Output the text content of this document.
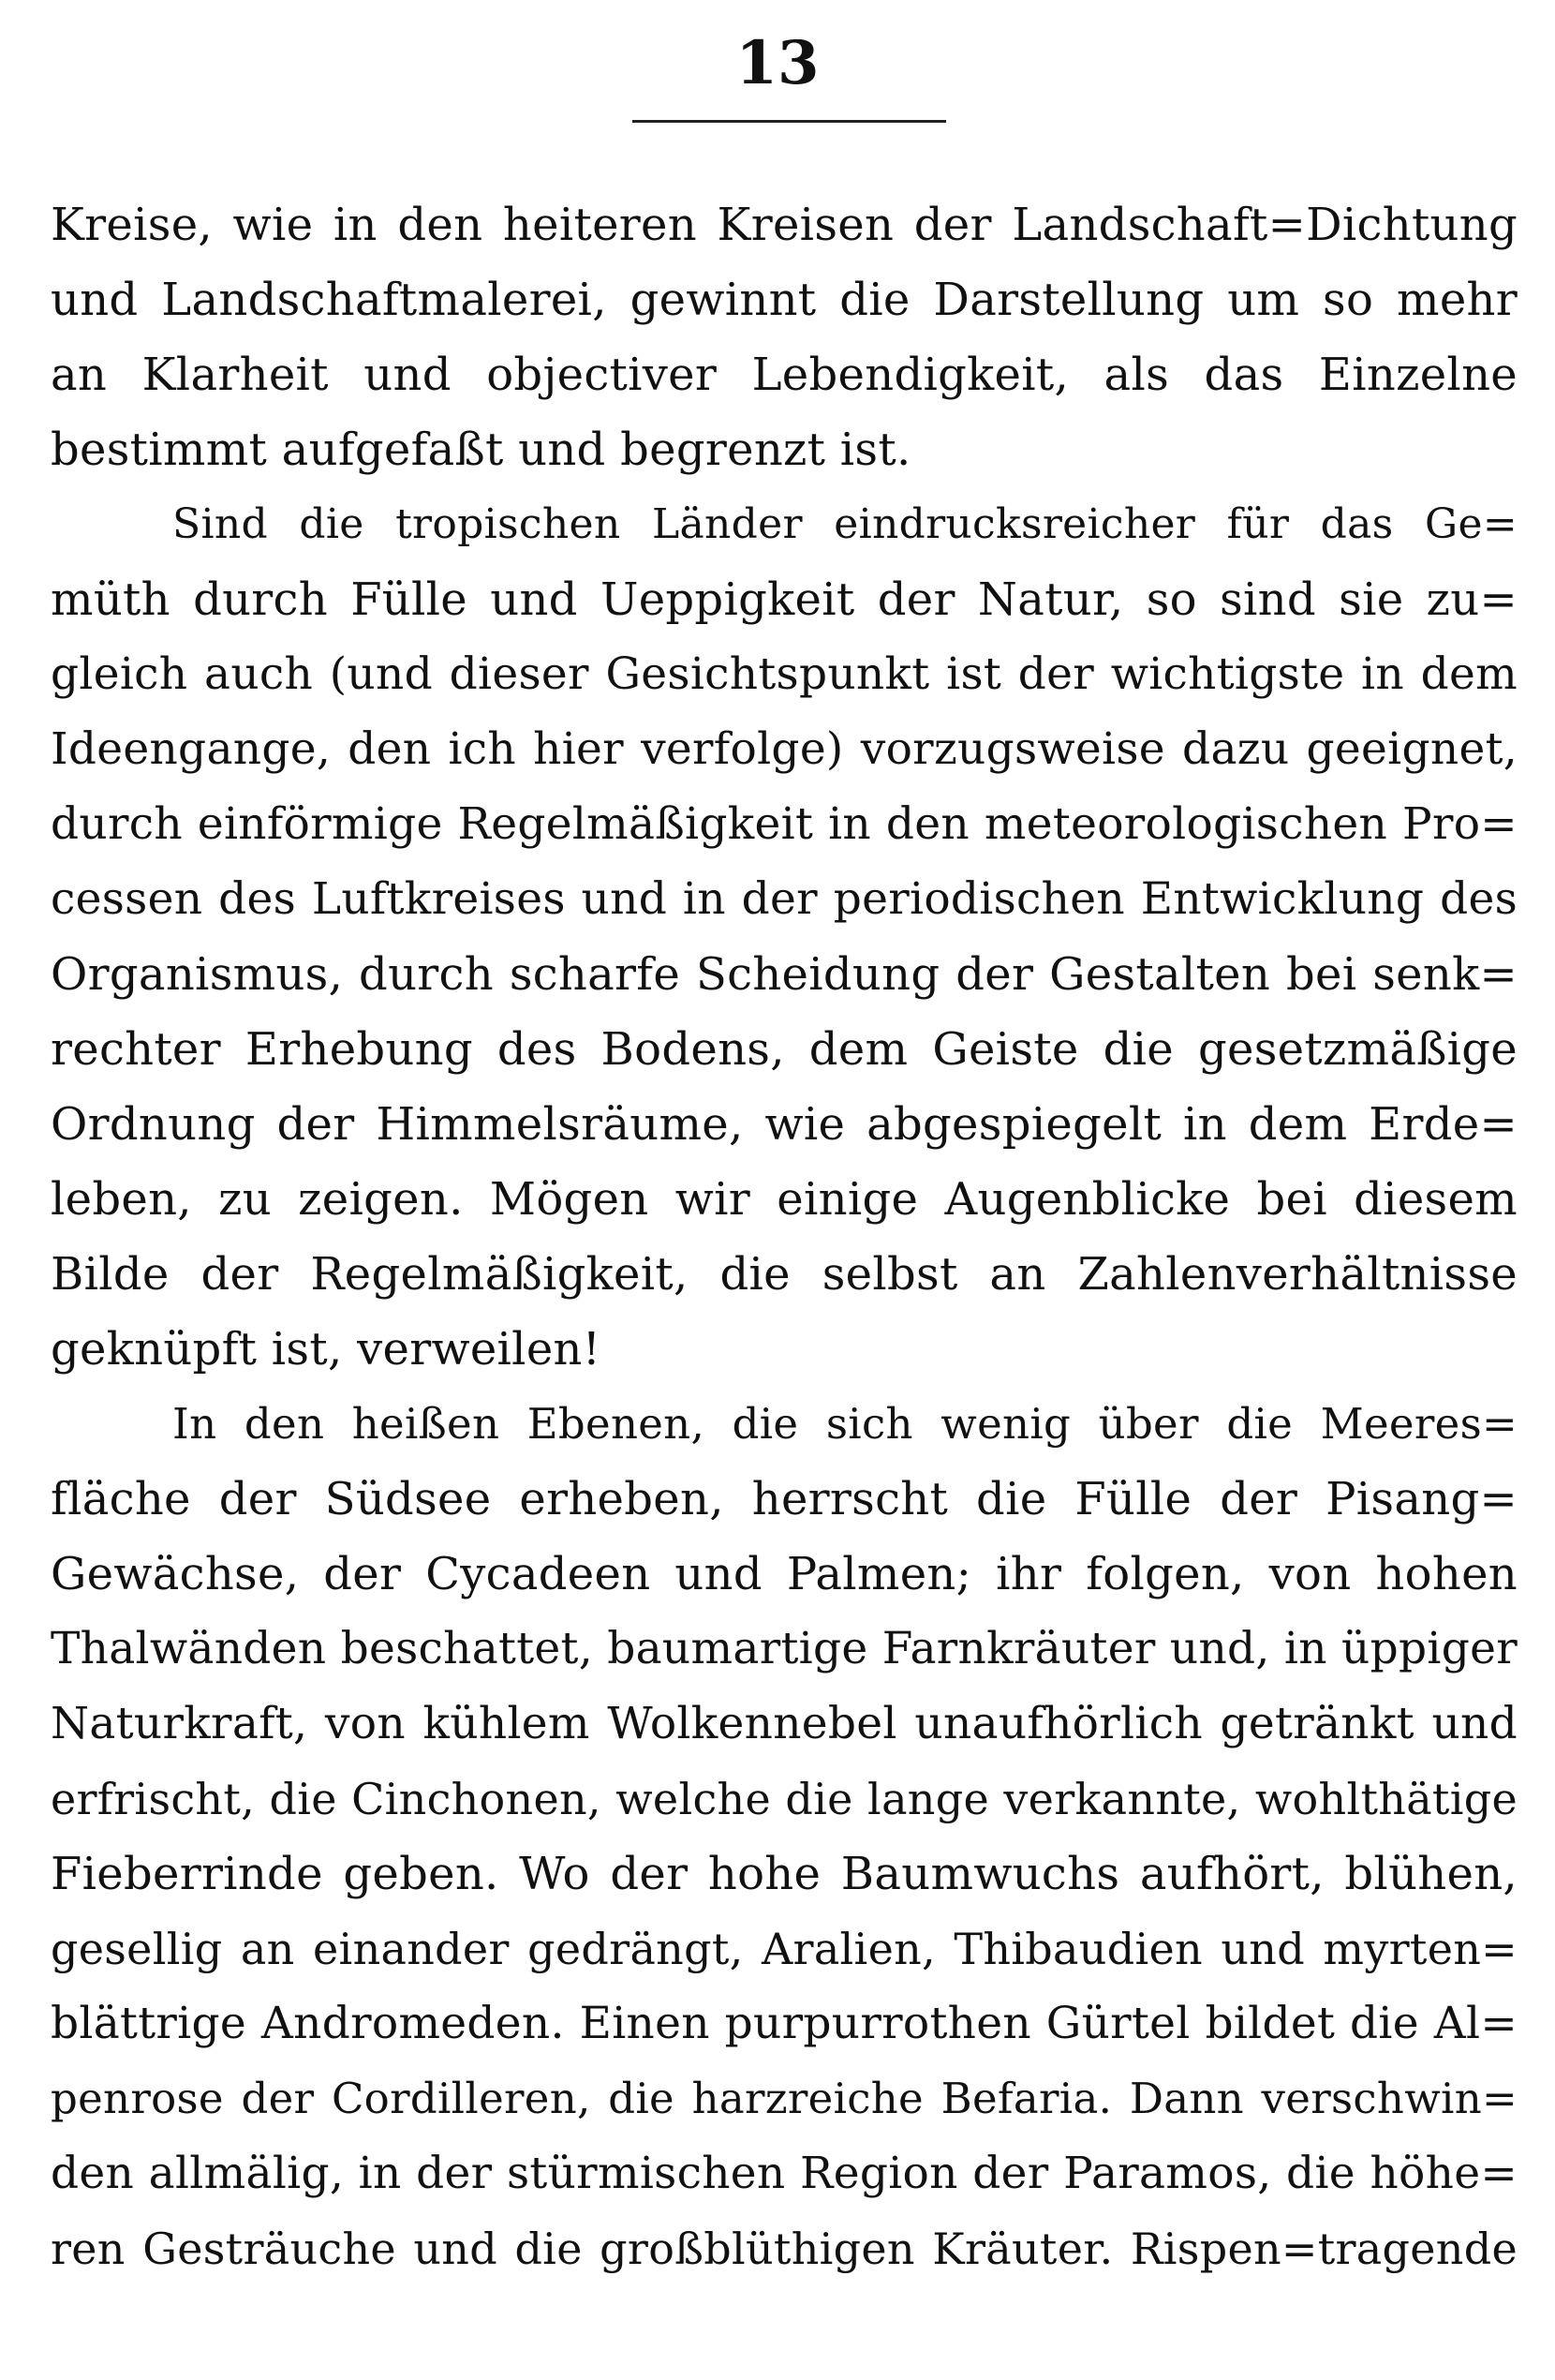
13
Kreise, wie in den heiteren Kreisen der Landschaft=Dichtung
und Landschaftmalerei, gewinnt die Darstellung um so mehr
an Klarheit und objectiver Lebendigkeit, als das Einzelne
bestimmt aufgefaßt und begrenzt ist.
Sind die tropischen Länder eindrucksreicher für das Ge=
müth durch Fülle und Ueppigkeit der Natur, so sind sie zu=
gleich auch (und dieser Gesichtspunkt ist der wichtigste in dem
Ideengange, den ich hier verfolge) vorzugsweise dazu geeignet,
durch einförmige Regelmäßigkeit in den meteorologischen Pro=
cessen des Luftkreises und in der periodischen Entwicklung des
Organismus, durch scharfe Scheidung der Gestalten bei senk=
rechter Erhebung des Bodens, dem Geiste die gesetzmäßige
Ordnung der Himmelsräume, wie abgespiegelt in dem Erde=
leben, zu zeigen. Mögen wir einige Augenblicke bei diesem
Bilde der Regelmäßigkeit, die selbst an Zahlenverhältnisse
geknüpft ist, verweilen!
In den heißen Ebenen, die sich wenig über die Meeres=
fläche der Südsee erheben, herrscht die Fülle der Pisang=
Gewächse, der Cycadeen und Palmen; ihr folgen, von hohen
Thalwänden beschattet, baumartige Farnkräuter und, in üppiger
Naturkraft, von kühlem Wolkennebel unaufhörlich getränkt und
erfrischt, die Cinchonen, welche die lange verkannte, wohlthätige
Fieberrinde geben. Wo der hohe Baumwuchs aufhört, blühen,
gesellig an einander gedrängt, Aralien, Thibaudien und myrten=
blättrige Andromeden. Einen purpurrothen Gürtel bildet die Al=
penrose der Cordilleren, die harzreiche Befaria. Dann verschwin=
den allmälig, in der stürmischen Region der Paramos, die höhe=
ren Gesträuche und die großblüthigen Kräuter. Rispen=tragende
